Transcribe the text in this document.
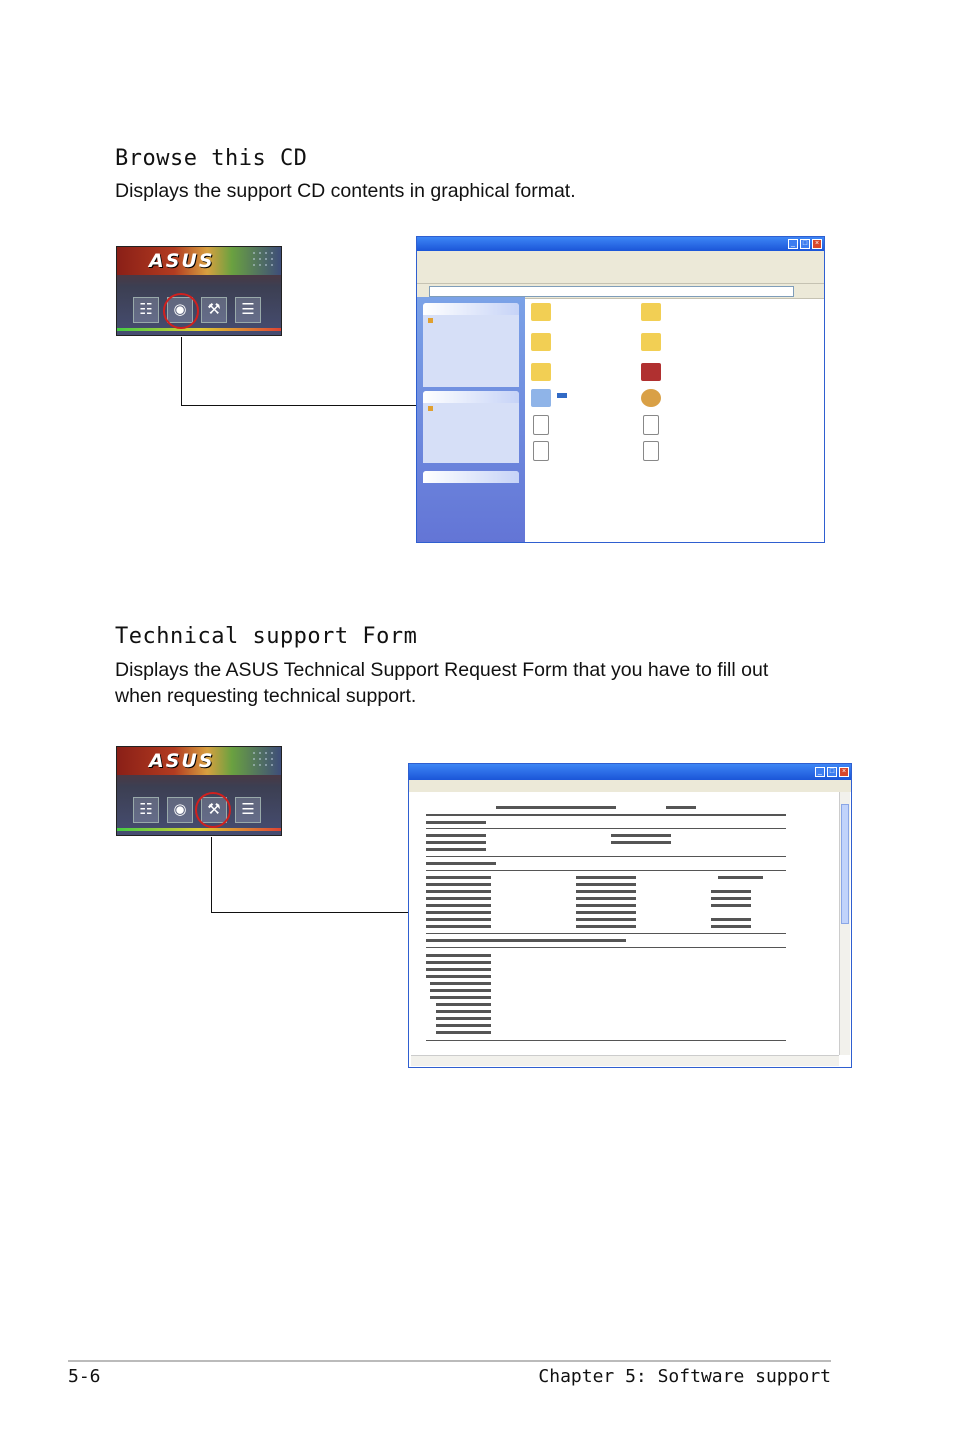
Browse this CD
Displays the support CD contents in graphical format.
ASUS
☷	◉	⚒	☰
_	□	×

Technical support Form
Displays the ASUS Technical Support Request Form that you have to fill out
when requesting technical support.
ASUS
☷	◉	⚒	☰
_	□	×

5-6	Chapter 5: Software support
